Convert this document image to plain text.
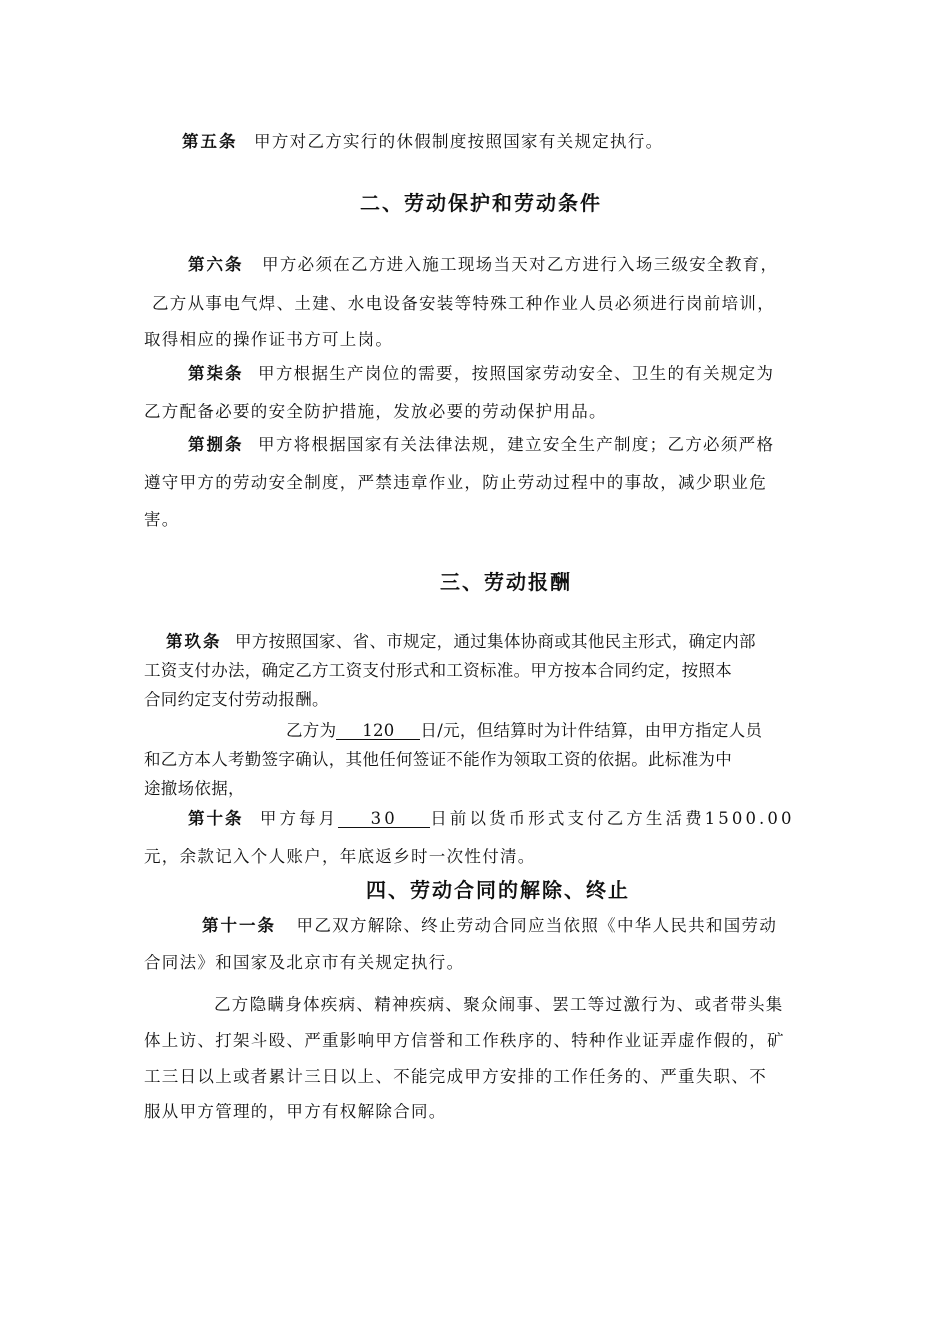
第五条 甲方对乙方实行的休假制度按照国家有关规定执行。
二、劳动保护和劳动条件
第六条 甲方必须在乙方进入施工现场当天对乙方进行入场三级安全教育，
乙方从事电气焊、土建、水电设备安装等特殊工种作业人员必须进行岗前培训，
取得相应的操作证书方可上岗。
第柒条 甲方根据生产岗位的需要，按照国家劳动安全、卫生的有关规定为
乙方配备必要的安全防护措施，发放必要的劳动保护用品。
第捌条 甲方将根据国家有关法律法规，建立安全生产制度；乙方必须严格
遵守甲方的劳动安全制度，严禁违章作业，防止劳动过程中的事故，减少职业危
害。
三、劳动报酬
第玖条 甲方按照国家、省、市规定，通过集体协商或其他民主形式，确定内部
工资支付办法，确定乙方工资支付形式和工资标准。甲方按本合同约定，按照本
合同约定支付劳动报酬。
乙方为 120 日/元，但结算时为计件结算，由甲方指定人员
和乙方本人考勤签字确认，其他任何签证不能作为领取工资的依据。此标准为中
途撤场依据，
第十条 甲方每月 30 日前以货币形式支付乙方生活费1500.00
元，余款记入个人账户，年底返乡时一次性付清。
四、劳动合同的解除、终止
第十一条 甲乙双方解除、终止劳动合同应当依照《中华人民共和国劳动
合同法》和国家及北京市有关规定执行。
乙方隐瞒身体疾病、精神疾病、聚众闹事、罢工等过激行为、或者带头集
体上访、打架斗殴、严重影响甲方信誉和工作秩序的、特种作业证弄虚作假的，矿
工三日以上或者累计三日以上、不能完成甲方安排的工作任务的、严重失职、不
服从甲方管理的，甲方有权解除合同。
